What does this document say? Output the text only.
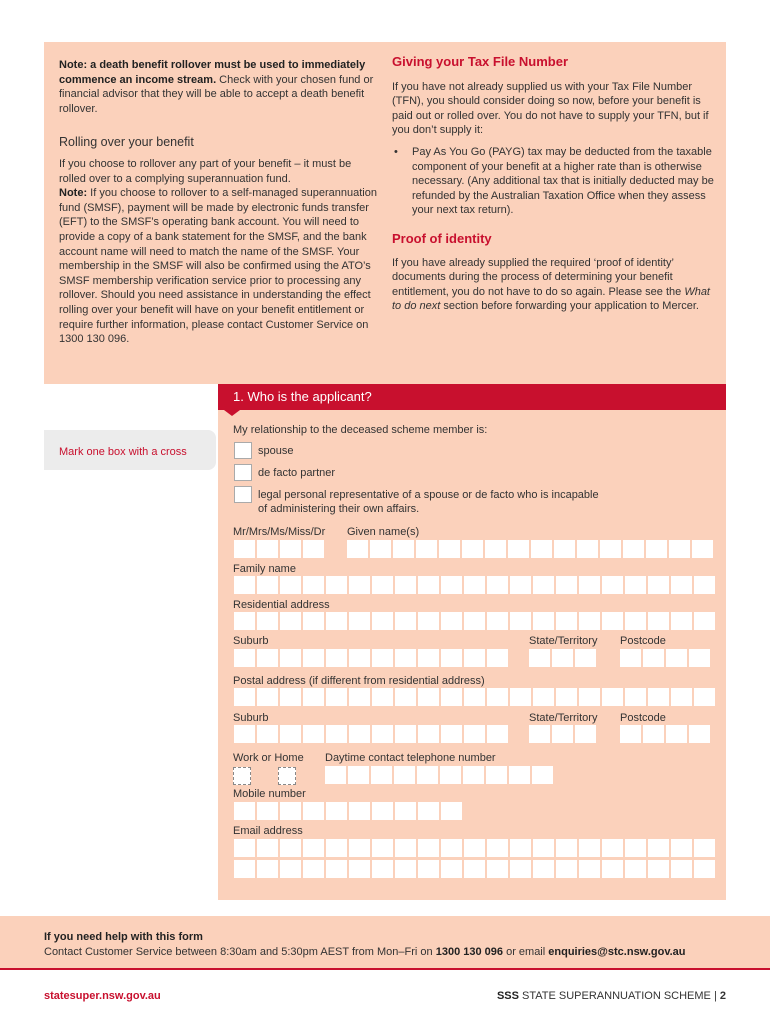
Note: a death benefit rollover must be used to immediately commence an income stream. Check with your chosen fund or financial advisor that they will be able to accept a death benefit rollover.

Rolling over your benefit

If you choose to rollover any part of your benefit – it must be rolled over to a complying superannuation fund.
Note: If you choose to rollover to a self-managed superannuation fund (SMSF), payment will be made by electronic funds transfer (EFT) to the SMSF’s operating bank account. You will need to provide a copy of a bank statement for the SMSF, and the bank account name will need to match the name of the SMSF. Your membership in the SMSF will also be confirmed using the ATO’s SMSF membership verification service prior to processing any rollover. Should you need assistance in understanding the effect rolling over your benefit will have on your benefit entitlement or require further information, please contact Customer Service on 1300 130 096.

Giving your Tax File Number

If you have not already supplied us with your Tax File Number (TFN), you should consider doing so now, before your benefit is paid out or rolled over. You do not have to supply your TFN, but if you don’t supply it:

•	Pay As You Go (PAYG) tax may be deducted from the taxable component of your benefit at a higher rate than is otherwise necessary. (Any additional tax that is initially deducted may be refunded by the Australian Taxation Office when they assess your next tax return).
Proof of identity

If you have already supplied the required ‘proof of identity’ documents during the process of determining your benefit entitlement, you do not have to do so again. Please see the What to do next section before forwarding your application to Mercer.

Mark one box with a cross
1. Who is the applicant?
My relationship to the deceased scheme member is:
spouse
de facto partner
legal personal representative of a spouse or de facto who is incapable
of administering their own affairs.
Mr/Mrs/Ms/Miss/Dr Given name(s)
Family name
Residential address
Suburb	State/Territory Postcode
Postal address (if different from residential address)
Suburb	State/Territory Postcode
Work or Home Daytime contact telephone number
Mobile number
Email address
If you need help with this form
Contact Customer Service between 8:30am and 5:30pm AEST from Mon–Fri on 1300 130 096 or email enquiries@stc.nsw.gov.au
statesuper.nsw.gov.au	SSS STATE SUPERANNUATION SCHEME | 2
